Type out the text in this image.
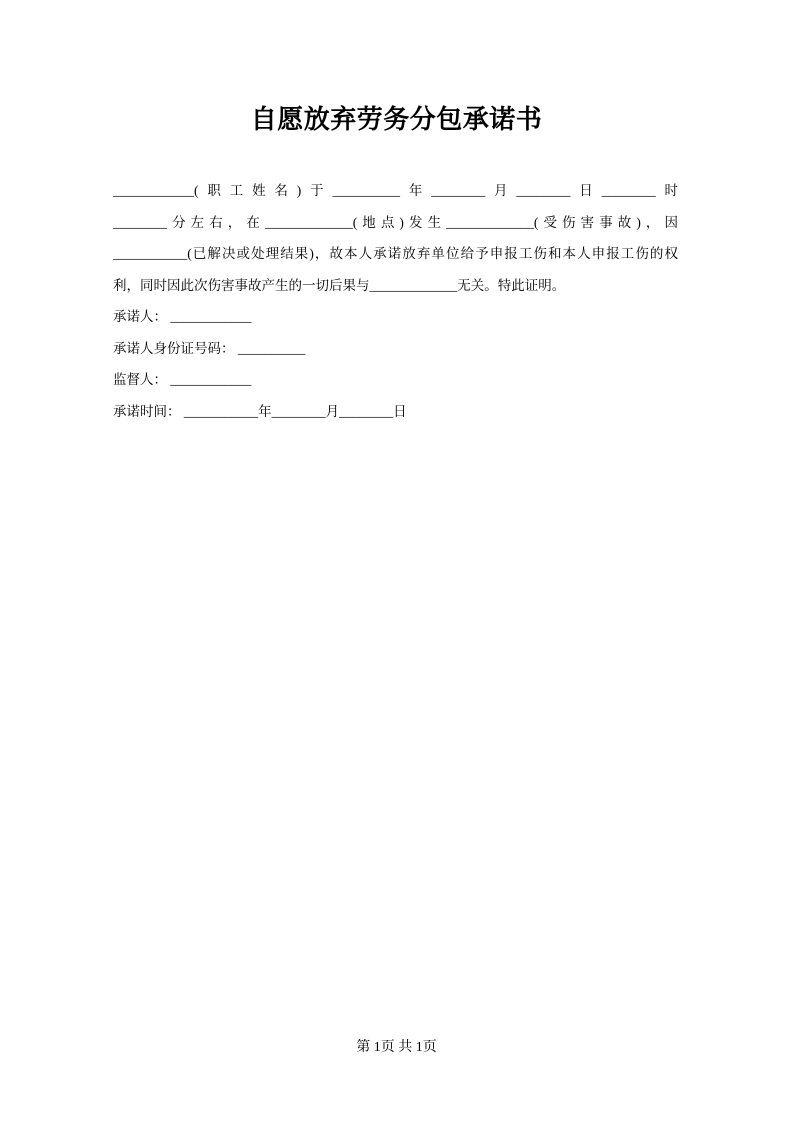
自愿放弃劳务分包承诺书
____________(职工姓名)于__________年________月________日________时
________分左右，在_____________(地点)发生_____________(受伤害事故)，因
___________(已解决或处理结果)，故本人承诺放弃单位给予申报工伤和本人申报工伤的权
利，同时因此次伤害事故产生的一切后果与_____________无关。特此证明。
承诺人： ____________
承诺人身份证号码： __________
监督人： ____________
承诺时间： ___________年________月________日
第 1页 共 1页
